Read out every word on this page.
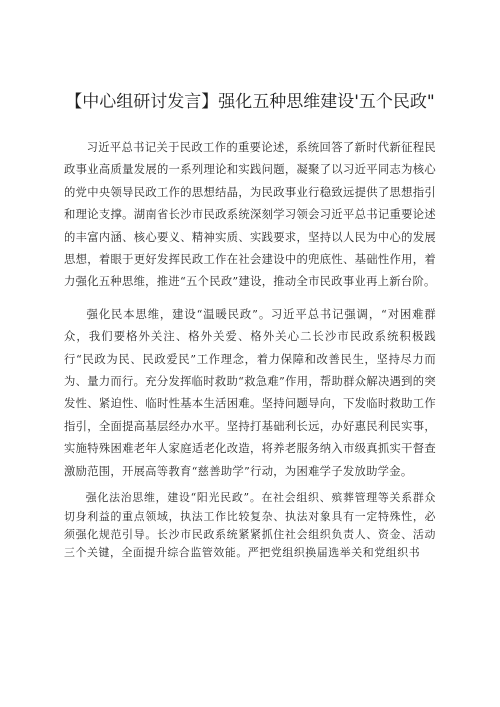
【中心组研讨发言】强化五种思维建设'五个民政"

习近平总书记关于民政工作的重要论述，系统回答了新时代新征程民政事业高质量发展的一系列理论和实践问题，凝聚了以习近平同志为核心的党中央领导民政工作的思想结晶，为民政事业行稳致远提供了思想指引和理论支撑。湖南省长沙市民政系统深刻学习领会习近平总书记重要论述的丰富内涵、核心要义、精神实质、实践要求，坚持以人民为中心的发展思想，着眼于更好发挥民政工作在社会建设中的兜底性、基础性作用，着力强化五种思维，推进“五个民政”建设，推动全市民政事业再上新台阶。

强化民本思维，建设“温暖民政”。习近平总书记强调，“对困难群众，我们要格外关注、格外关爱、格外关心二长沙市民政系统积极践行“民政为民、民政爱民”工作理念，着力保障和改善民生，坚持尽力而为、量力而行。充分发挥临时救助“救急难”作用，帮助群众解决遇到的突发性、紧迫性、临时性基本生活困难。坚持问题导向，下发临时救助工作指引，全面提高基层经办水平。坚持打基础利长远，办好惠民利民实事，实施特殊困难老年人家庭适老化改造，将养老服务纳入市级真抓实干督查激励范围，开展高等教育“慈善助学”行动，为困难学子发放助学金。

强化法治思维，建设“阳光民政”。在社会组织、殡葬管理等关系群众切身利益的重点领域，执法工作比较复杂、执法对象具有一定特殊性，必须强化规范引导。长沙市民政系统紧紧抓住社会组织负责人、资金、活动三个关键，全面提升综合监管效能。严把党组织换届选举关和党组织书
